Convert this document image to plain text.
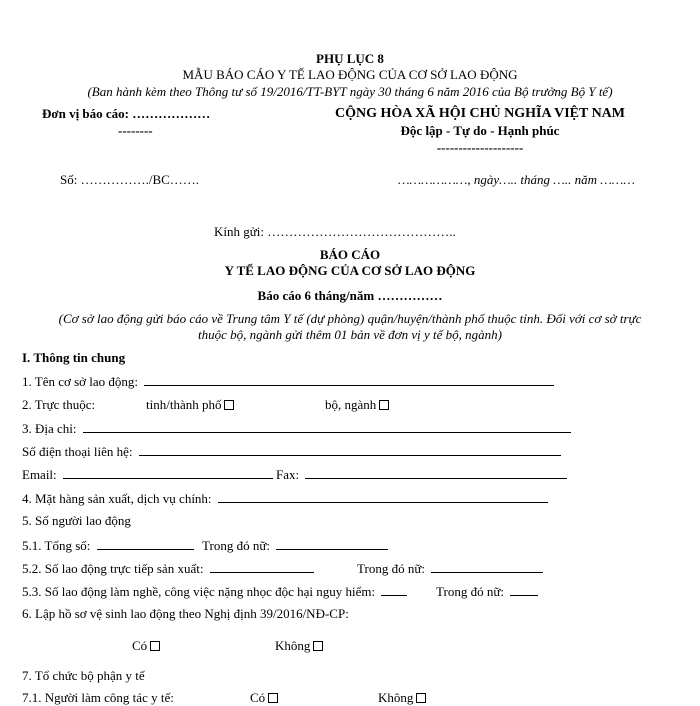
PHỤ LỤC 8
MẪU BÁO CÁO Y TẾ LAO ĐỘNG CỦA CƠ SỞ LAO ĐỘNG
(Ban hành kèm theo Thông tư số 19/2016/TT-BYT ngày 30 tháng 6 năm 2016 của Bộ trưởng Bộ Y tế)
Đơn vị báo cáo: ………………
--------
CỘNG HÒA XÃ HỘI CHỦ NGHĨA VIỆT NAM
Độc lập - Tự do - Hạnh phúc
--------------------
Số: ……………./BC…….	………………, ngày….. tháng ….. năm ………
Kính gửi: ……………………………………..
BÁO CÁO
Y TẾ LAO ĐỘNG CỦA CƠ SỞ LAO ĐỘNG
Báo cáo 6 tháng/năm ……………
(Cơ sở lao động gửi báo cáo về Trung tâm Y tế (dự phòng) quận/huyện/thành phố thuộc tỉnh. Đối với cơ sở trực
thuộc bộ, ngành gửi thêm 01 bản về đơn vị y tế bộ, ngành)
I. Thông tin chung
1. Tên cơ sở lao động:
2. Trực thuộc:	tỉnh/thành phố	bộ, ngành
3. Địa chỉ:
Số điện thoại liên hệ:
Email:	Fax:
4. Mặt hàng sản xuất, dịch vụ chính:
5. Số người lao động
5.1. Tổng số:	Trong đó nữ:
5.2. Số lao động trực tiếp sản xuất:	Trong đó nữ:
5.3. Số lao động làm nghề, công việc nặng nhọc độc hại nguy hiểm:	Trong đó nữ:
6. Lập hồ sơ vệ sinh lao động theo Nghị định 39/2016/NĐ-CP:
Có	Không
7. Tổ chức bộ phận y tế
7.1. Người làm công tác y tế:	Có	Không
